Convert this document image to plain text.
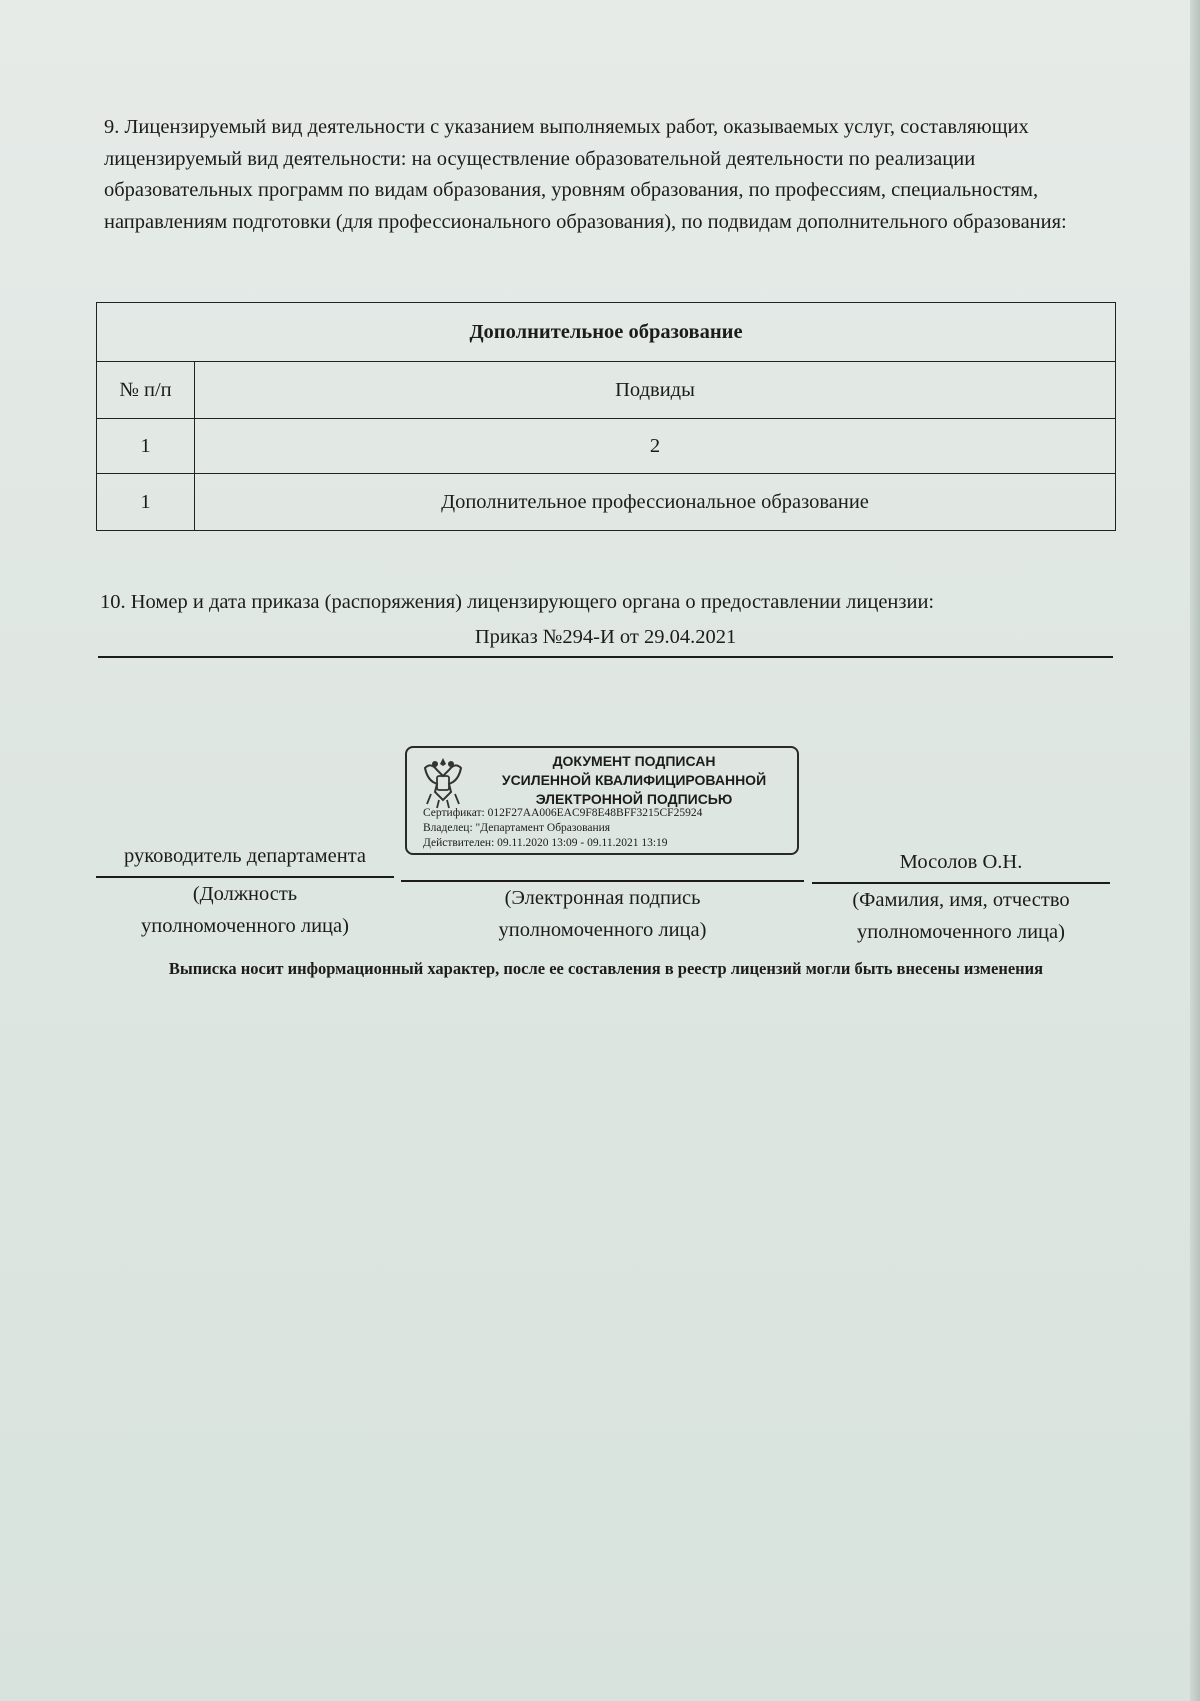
9. Лицензируемый вид деятельности с указанием выполняемых работ, оказываемых услуг, составляющих лицензируемый вид деятельности: на осуществление образовательной деятельности по реализации образовательных программ по видам образования, уровням образования, по профессиям, специальностям, направлениям подготовки (для профессионального образования), по подвидам дополнительного образования:

Дополнительное образование	
№ п/п	Подвиды
1	2
1	Дополнительное профессиональное образование

10. Номер и дата приказа (распоряжения) лицензирующего органа о предоставлении лицензии:

Приказ №294-И от 29.04.2021
ДОКУМЕНТ ПОДПИСАН
УСИЛЕННОЙ КВАЛИФИЦИРОВАННОЙ
ЭЛЕКТРОННОЙ ПОДПИСЬЮ
Сертификат: 012F27AA006EAC9F8E48BFF3215CF25924
Владелец: "Департамент Образования
Действителен: 09.11.2020 13:09 - 09.11.2021 13:19
руководитель департамента
(Должность
уполномоченного лица)
(Электронная подпись
уполномоченного лица)
Мосолов О.Н.
(Фамилия, имя, отчество
уполномоченного лица)
Выписка носит информационный характер, после ее составления в реестр лицензий могли быть внесены изменения
